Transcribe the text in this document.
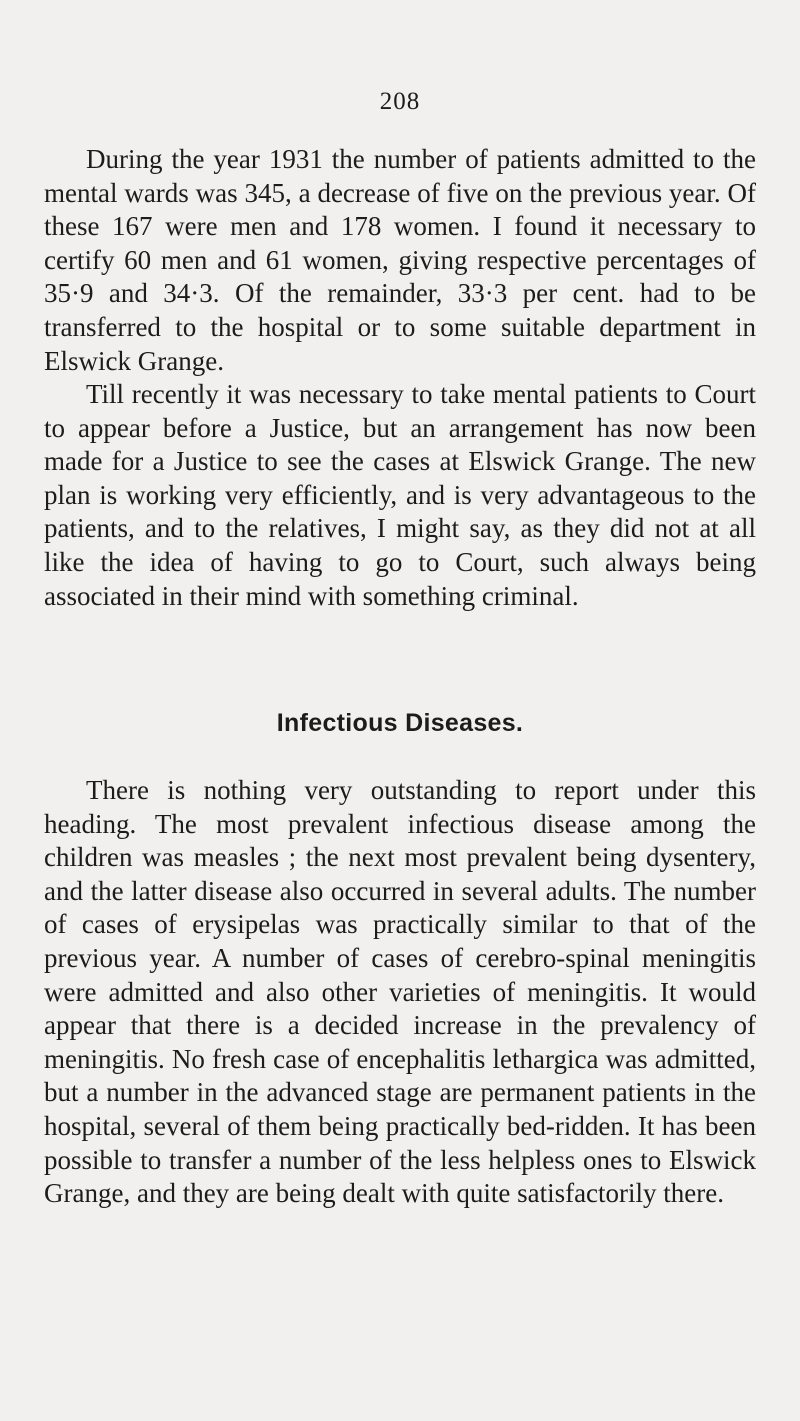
208

During the year 1931 the number of patients admitted to the mental wards was 345, a decrease of five on the previous year. Of these 167 were men and 178 women. I found it necessary to certify 60 men and 61 women, giving respective percentages of 35·9 and 34·3. Of the remainder, 33·3 per cent. had to be transferred to the hospital or to some suitable department in Elswick Grange.

Till recently it was necessary to take mental patients to Court to appear before a Justice, but an arrangement has now been made for a Justice to see the cases at Elswick Grange. The new plan is working very efficiently, and is very advantageous to the patients, and to the relatives, I might say, as they did not at all like the idea of having to go to Court, such always being associated in their mind with something criminal.

Infectious Diseases.

There is nothing very outstanding to report under this heading. The most prevalent infectious disease among the children was measles ; the next most prevalent being dysentery, and the latter disease also occurred in several adults. The number of cases of erysipelas was practically similar to that of the previous year. A number of cases of cerebro-spinal meningitis were admitted and also other varieties of meningitis. It would appear that there is a decided increase in the prevalency of meningitis. No fresh case of encephalitis lethargica was admitted, but a number in the advanced stage are permanent patients in the hospital, several of them being practically bed-ridden. It has been possible to transfer a number of the less helpless ones to Elswick Grange, and they are being dealt with quite satisfactorily there.
